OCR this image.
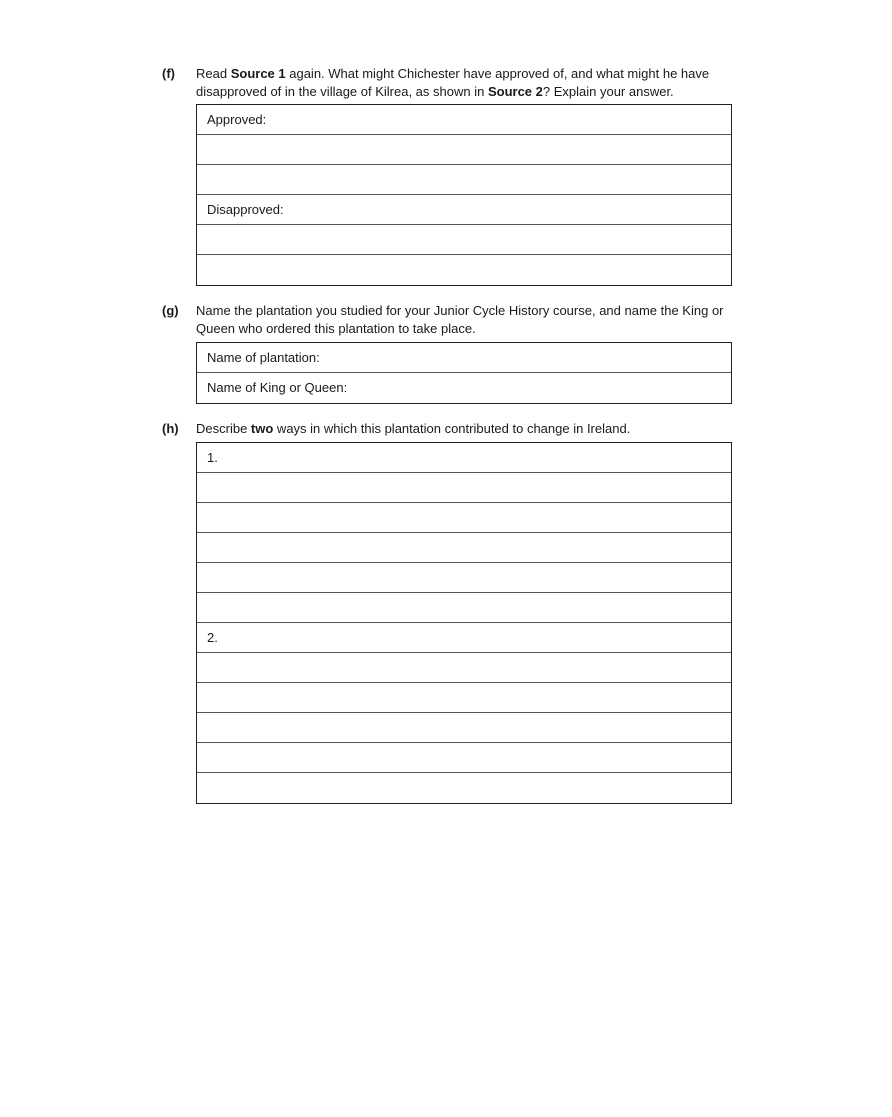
(f) Read Source 1 again. What might Chichester have approved of, and what might he have disapproved of in the village of Kilrea, as shown in Source 2? Explain your answer.
Approved:
Disapproved:
(g) Name the plantation you studied for your Junior Cycle History course, and name the King or Queen who ordered this plantation to take place.
Name of plantation:
Name of King or Queen:
(h) Describe two ways in which this plantation contributed to change in Ireland.
1.
2.
